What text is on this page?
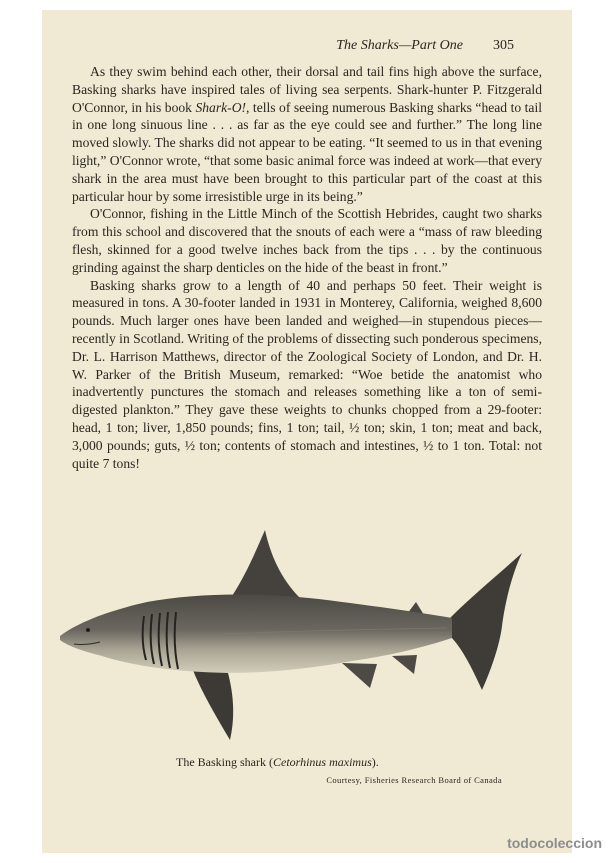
The Sharks—Part One 305

As they swim behind each other, their dorsal and tail fins high above the surface, Basking sharks have inspired tales of living sea serpents. Shark-hunter P. Fitzgerald O'Connor, in his book Shark-O!, tells of seeing numerous Basking sharks “head to tail in one long sinuous line . . . as far as the eye could see and further.” The long line moved slowly. The sharks did not appear to be eating. “It seemed to us in that evening light,” O'Connor wrote, “that some basic animal force was indeed at work—that every shark in the area must have been brought to this particular part of the coast at this particular hour by some irresistible urge in its being.”

O'Connor, fishing in the Little Minch of the Scottish Hebrides, caught two sharks from this school and discovered that the snouts of each were a “mass of raw bleeding flesh, skinned for a good twelve inches back from the tips . . . by the continuous grinding against the sharp denticles on the hide of the beast in front.”

Basking sharks grow to a length of 40 and perhaps 50 feet. Their weight is measured in tons. A 30-footer landed in 1931 in Monterey, California, weighed 8,600 pounds. Much larger ones have been landed and weighed—in stupendous pieces—recently in Scotland. Writing of the problems of dissecting such ponderous specimens, Dr. L. Harrison Matthews, director of the Zoological Society of London, and Dr. H. W. Parker of the British Museum, remarked: “Woe betide the anatomist who inadvertently punctures the stomach and releases something like a ton of semi-digested plankton.” They gave these weights to chunks chopped from a 29-footer: head, 1 ton; liver, 1,850 pounds; fins, 1 ton; tail, ½ ton; skin, 1 ton; meat and back, 3,000 pounds; guts, ½ ton; contents of stomach and intestines, ½ to 1 ton. Total: not quite 7 tons!

The Basking shark (Cetorhinus maximus).
Courtesy, Fisheries Research Board of Canada
todocoleccion
